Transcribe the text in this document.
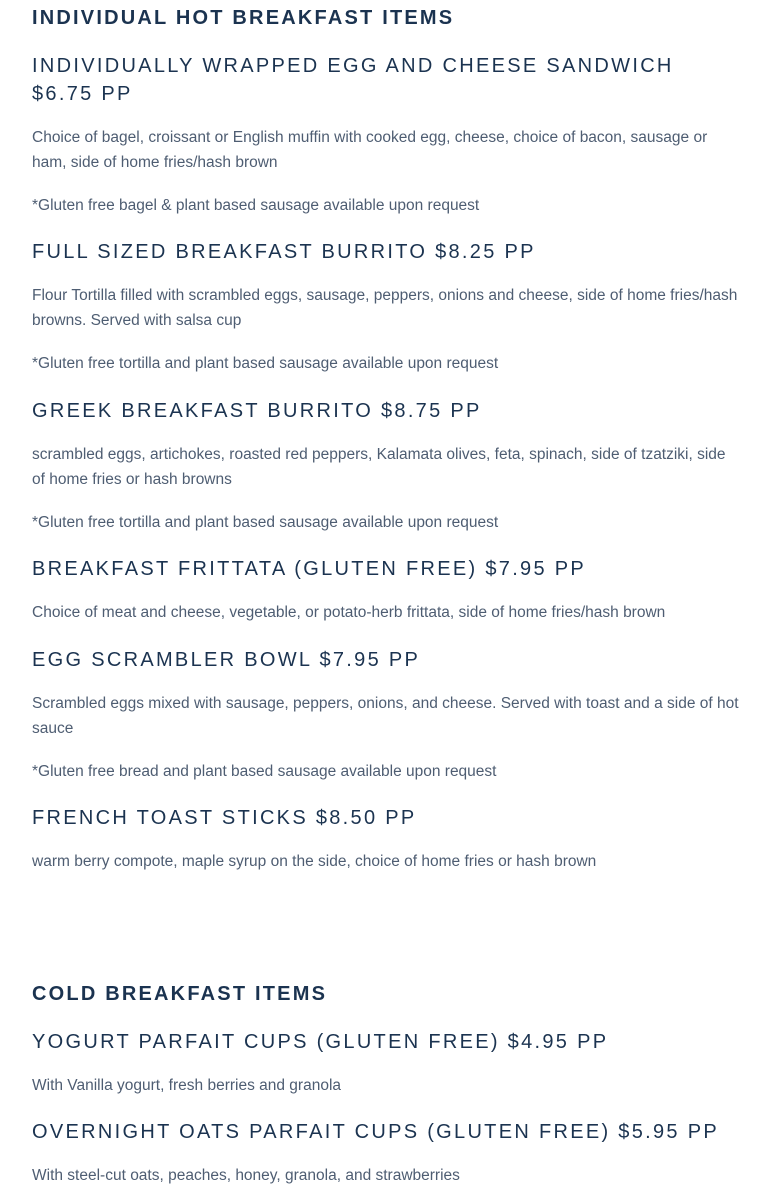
INDIVIDUAL HOT BREAKFAST ITEMS
INDIVIDUALLY WRAPPED EGG AND CHEESE SANDWICH $6.75 PP

Choice of bagel, croissant or English muffin with cooked egg, cheese, choice of bacon, sausage or ham, side of home fries/hash brown

*Gluten free bagel & plant based sausage available upon request

FULL SIZED BREAKFAST BURRITO $8.25 PP

Flour Tortilla filled with scrambled eggs, sausage, peppers, onions and cheese, side of home fries/hash browns. Served with salsa cup

*Gluten free tortilla and plant based sausage available upon request

GREEK BREAKFAST BURRITO $8.75 PP

scrambled eggs, artichokes, roasted red peppers, Kalamata olives, feta, spinach, side of tzatziki, side of home fries or hash browns

*Gluten free tortilla and plant based sausage available upon request

BREAKFAST FRITTATA (GLUTEN FREE) $7.95 PP

Choice of meat and cheese, vegetable, or potato-herb frittata, side of home fries/hash brown

EGG SCRAMBLER BOWL $7.95 PP

Scrambled eggs mixed with sausage, peppers, onions, and cheese. Served with toast and a side of hot sauce

*Gluten free bread and plant based sausage available upon request

FRENCH TOAST STICKS $8.50 PP

warm berry compote, maple syrup on the side, choice of home fries or hash brown

COLD BREAKFAST ITEMS
YOGURT PARFAIT CUPS (GLUTEN FREE) $4.95 PP

With Vanilla yogurt, fresh berries and granola

OVERNIGHT OATS PARFAIT CUPS (GLUTEN FREE) $5.95 PP

With steel-cut oats, peaches, honey, granola, and strawberries
